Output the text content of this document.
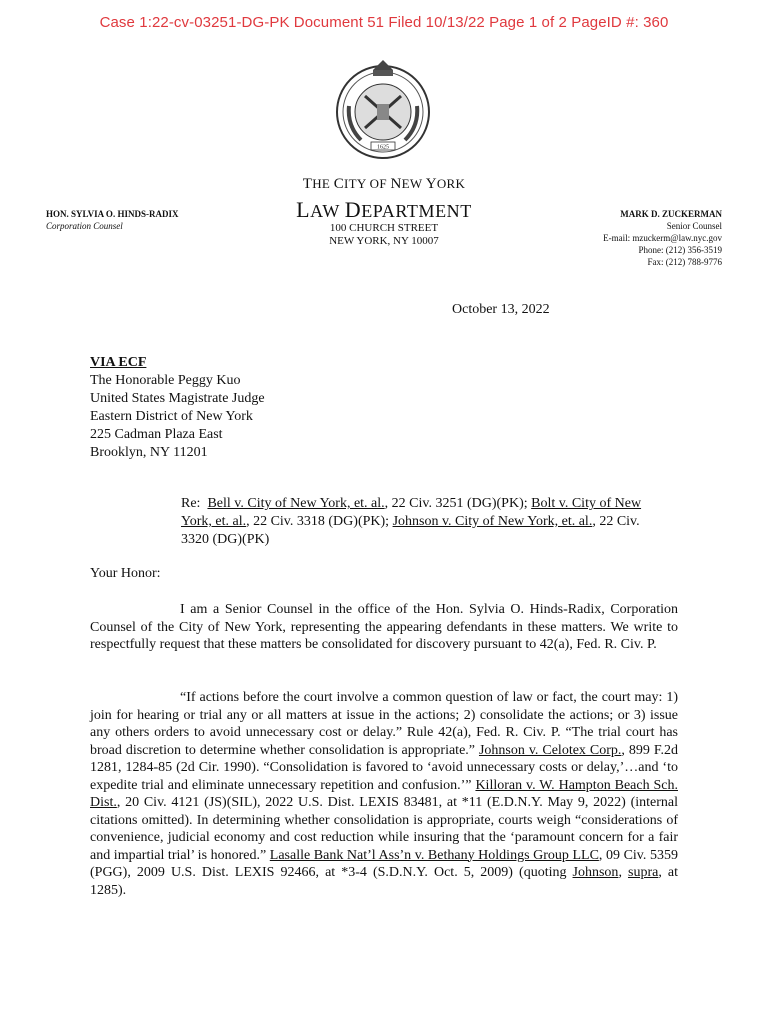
Case 1:22-cv-03251-DG-PK Document 51 Filed 10/13/22 Page 1 of 2 PageID #: 360
1625
THE CITY OF NEW YORK
LAW DEPARTMENT
100 CHURCH STREET
NEW YORK, NY 10007
HON. SYLVIA O. HINDS-RADIX
Corporation Counsel
MARK D. ZUCKERMAN
Senior Counsel
E-mail: mzuckerm@law.nyc.gov
Phone: (212) 356-3519
Fax: (212) 788-9776
October 13, 2022
VIA ECF
The Honorable Peggy Kuo
United States Magistrate Judge
Eastern District of New York
225 Cadman Plaza East
Brooklyn, NY 11201
Re: Bell v. City of New York, et. al., 22 Civ. 3251 (DG)(PK); Bolt v. City of New York, et. al., 22 Civ. 3318 (DG)(PK); Johnson v. City of New York, et. al., 22 Civ. 3320 (DG)(PK)
Your Honor:
I am a Senior Counsel in the office of the Hon. Sylvia O. Hinds-Radix, Corporation Counsel of the City of New York, representing the appearing defendants in these matters. We write to respectfully request that these matters be consolidated for discovery pursuant to 42(a), Fed. R. Civ. P.
“If actions before the court involve a common question of law or fact, the court may: 1) join for hearing or trial any or all matters at issue in the actions; 2) consolidate the actions; or 3) issue any others orders to avoid unnecessary cost or delay.” Rule 42(a), Fed. R. Civ. P. “The trial court has broad discretion to determine whether consolidation is appropriate.” Johnson v. Celotex Corp., 899 F.2d 1281, 1284-85 (2d Cir. 1990). “Consolidation is favored to ‘avoid unnecessary costs or delay,’…and ‘to expedite trial and eliminate unnecessary repetition and confusion.’” Killoran v. W. Hampton Beach Sch. Dist., 20 Civ. 4121 (JS)(SIL), 2022 U.S. Dist. LEXIS 83481, at *11 (E.D.N.Y. May 9, 2022) (internal citations omitted). In determining whether consolidation is appropriate, courts weigh “considerations of convenience, judicial economy and cost reduction while insuring that the ‘paramount concern for a fair and impartial trial’ is honored.” Lasalle Bank Nat’l Ass’n v. Bethany Holdings Group LLC, 09 Civ. 5359 (PGG), 2009 U.S. Dist. LEXIS 92466, at *3-4 (S.D.N.Y. Oct. 5, 2009) (quoting Johnson, supra, at 1285).
